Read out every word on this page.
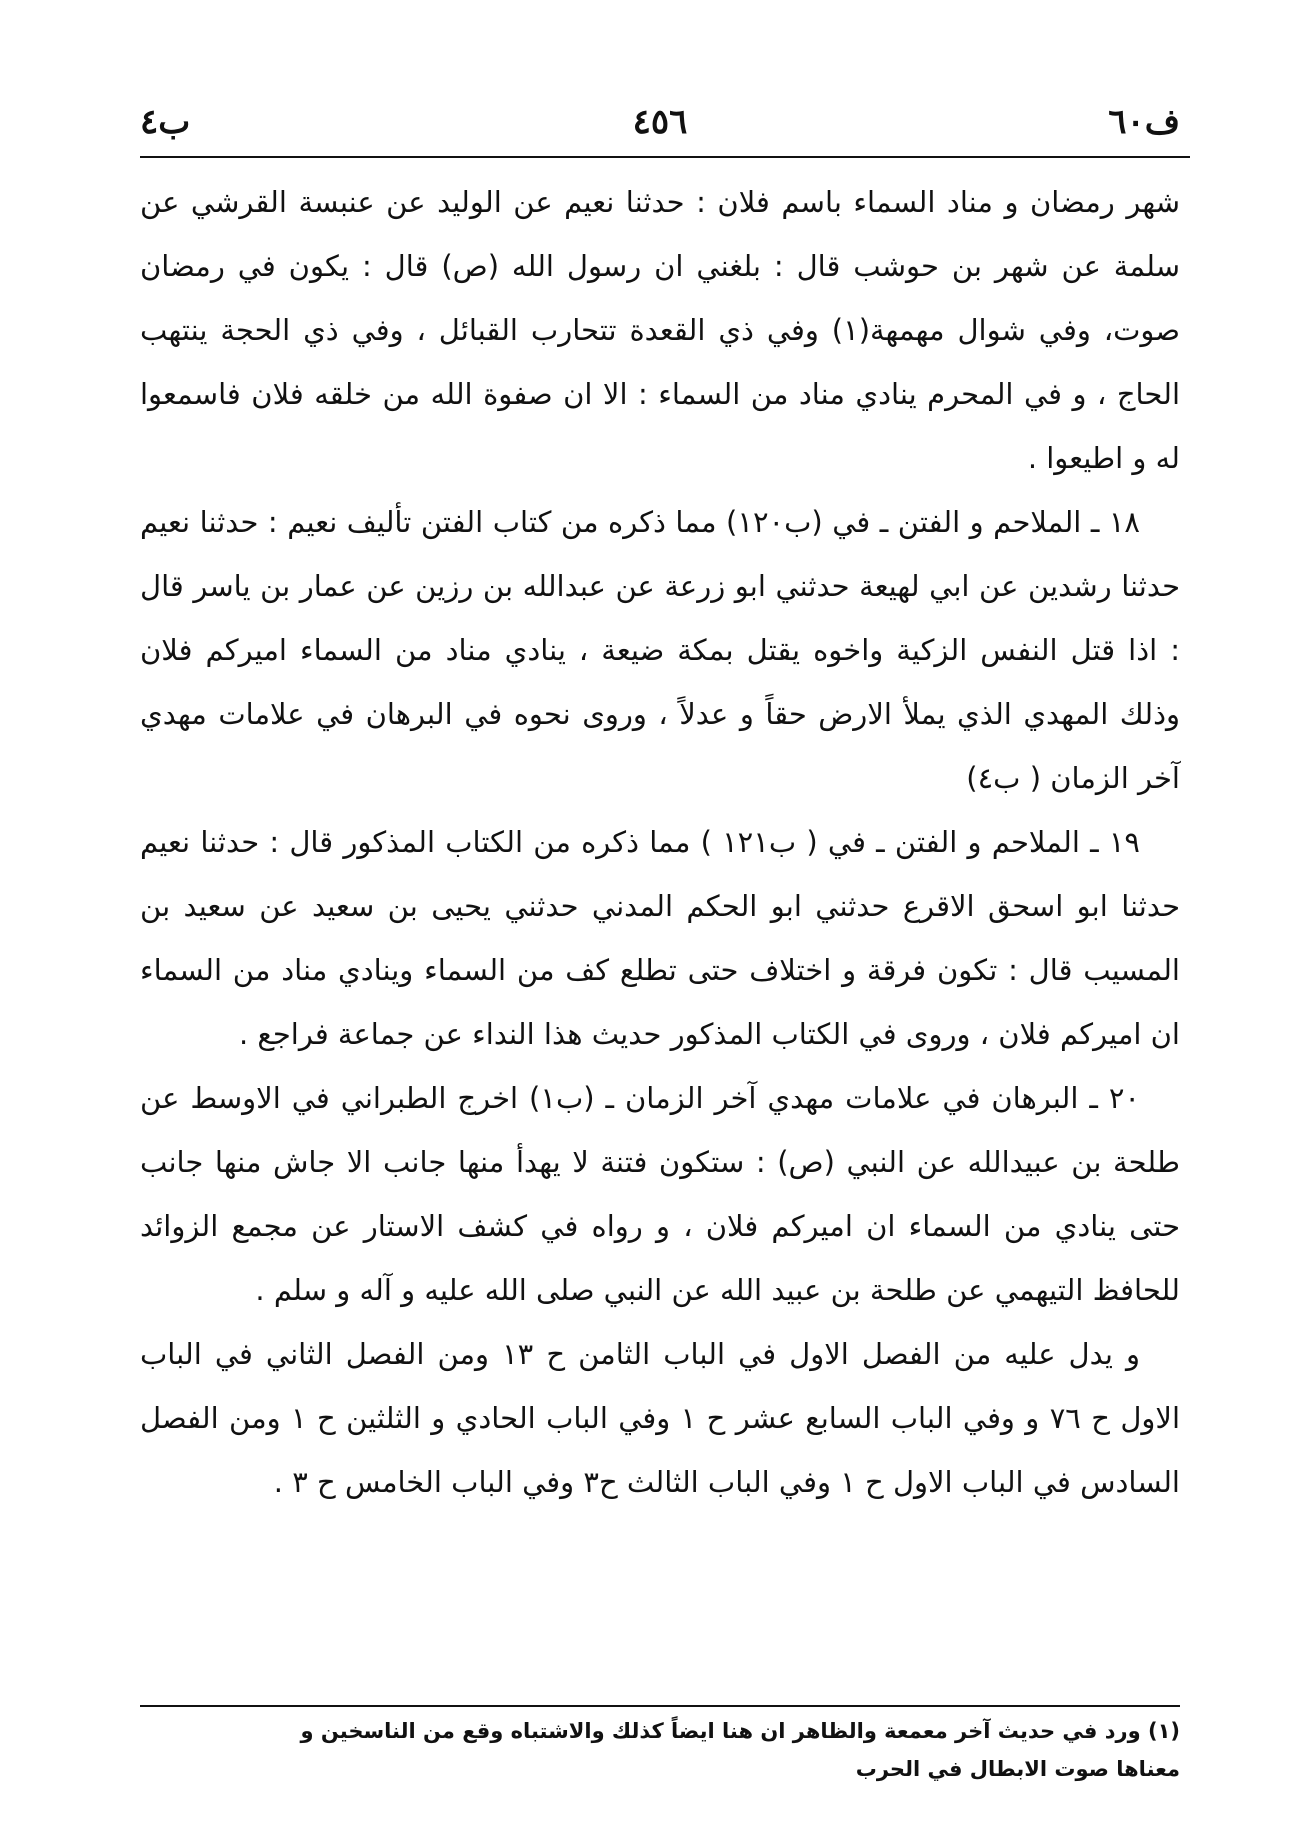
ف٦٠
٤٥٦
ب٤

شهر رمضان و مناد السماء باسم فلان : حدثنا نعيم عن الوليد عن عنبسة القرشي عن سلمة عن شهر بن حوشب قال : بلغني ان رسول الله (ص) قال : يكون في رمضان صوت، وفي شوال مهمهة(١) وفي ذي القعدة تتحارب القبائل ، وفي ذي الحجة ينتهب الحاج ، و في المحرم ينادي مناد من السماء : الا ان صفوة الله من خلقه فلان فاسمعوا له و اطيعوا .

١٨ ـ الملاحم و الفتن ـ في (ب١٢٠) مما ذكره من كتاب الفتن تأليف نعيم : حدثنا نعيم حدثنا رشدين عن ابي لهيعة حدثني ابو زرعة عن عبدالله بن رزين عن عمار بن ياسر قال : اذا قتل النفس الزكية واخوه يقتل بمكة ضيعة ، ينادي مناد من السماء اميركم فلان وذلك المهدي الذي يملأ الارض حقاً و عدلاً ، وروى نحوه في البرهان في علامات مهدي آخر الزمان ( ب٤)

١٩ ـ الملاحم و الفتن ـ في ( ب١٢١ ) مما ذكره من الكتاب المذكور قال : حدثنا نعيم حدثنا ابو اسحق الاقرع حدثني ابو الحكم المدني حدثني يحيى بن سعيد عن سعيد بن المسيب قال : تكون فرقة و اختلاف حتى تطلع كف من السماء وينادي مناد من السماء ان اميركم فلان ، وروى في الكتاب المذكور حديث هذا النداء عن جماعة فراجع .

٢٠ ـ البرهان في علامات مهدي آخر الزمان ـ (ب١) اخرج الطبراني في الاوسط عن طلحة بن عبيدالله عن النبي (ص) : ستكون فتنة لا يهدأ منها جانب الا جاش منها جانب حتى ينادي من السماء ان اميركم فلان ، و رواه في كشف الاستار عن مجمع الزوائد للحافظ التيهمي عن طلحة بن عبيد الله عن النبي صلى الله عليه و آله و سلم .

و يدل عليه من الفصل الاول في الباب الثامن ح ١٣ ومن الفصل الثاني في الباب الاول ح ٧٦ و وفي الباب السابع عشر ح ١ وفي الباب الحادي و الثلثين ح ١ ومن الفصل السادس في الباب الاول ح ١ وفي الباب الثالث ح٣ وفي الباب الخامس ح ٣ .

(١) ورد في حديث آخر معمعة والظاهر ان هنا ايضاً كذلك والاشتباه وقع من الناسخين و

معناها صوت الابطال في الحرب
